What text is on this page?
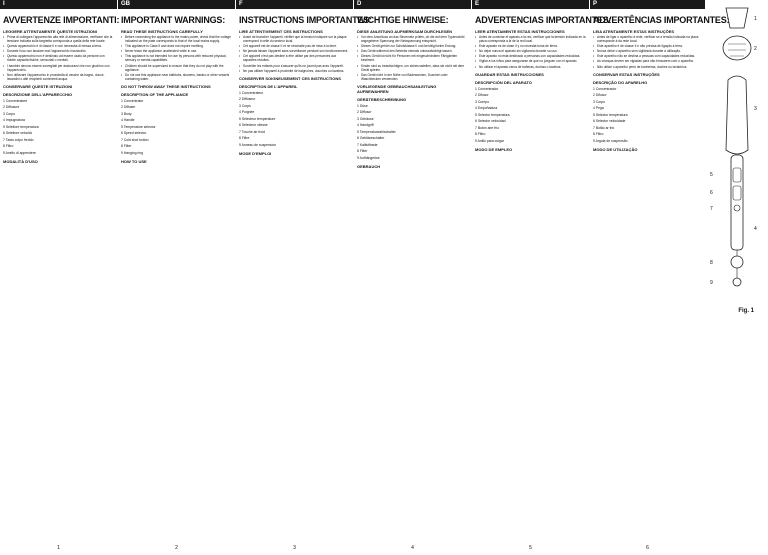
I
AVVERTENZE IMPORTANTI:
LEGGERE ATTENTAMENTE QUESTE ISTRUZIONI
• Prima di collegare l'apparecchio alla rete di alimentazione, verificare che la tensione indicata sulla targhetta corrisponda a quella della rete locale.
• Questo apparecchio è di classe II e non necessita di messa a terra.
• Durante l'uso non lasciare mai l'apparecchio incustodito.
• Questo apparecchio non è destinato ad essere usato da persone con ridotte capacità fisiche, sensoriali o mentali.
• I bambini devono essere sorvegliati per assicurarsi che non giochino con l'apparecchio.
• Non utilizzare l'apparecchio in prossimità di vasche da bagno, docce, lavandini o altri recipienti contenenti acqua.
CONSERVARE QUESTE ISTRUZIONI
DESCRIZIONE DELL'APPARECCHIO
1 Concentratore
2 Diffusore
3 Corpo
4 Impugnatura
5 Selettore temperatura
6 Selettore velocità
7 Tasto colpo freddo
8 Filtro
9 Anello di appendere
MODALITÀ D'USO
1
GB
IMPORTANT WARNINGS:
READ THESE INSTRUCTIONS CAREFULLY
• Before connecting the appliance to the mains power, check that the voltage indicated on the plate corresponds to that of the local mains supply.
• This appliance is Class II and does not require earthing.
• Never leave the appliance unattended while in use.
• This appliance is not intended for use by persons with reduced physical, sensory or mental capabilities.
• Children should be supervised to ensure that they do not play with the appliance.
• Do not use this appliance near bathtubs, showers, basins or other vessels containing water.
DO NOT THROW AWAY THESE INSTRUCTIONS
DESCRIPTION OF THE APPLIANCE
1 Concentrator
2 Diffuser
3 Body
4 Handle
5 Temperature selector
6 Speed selector
7 Cold shot button
8 Filter
9 Hanging ring
HOW TO USE
2
F
INSTRUCTIONS IMPORTANTES:
LIRE ATTENTIVEMENT CES INSTRUCTIONS
• Avant de brancher l'appareil, vérifier que la tension indiquée sur la plaque correspond à celle du secteur local.
• Cet appareil est de classe II et ne nécessite pas de mise à la terre.
• Ne jamais laisser l'appareil sans surveillance pendant son fonctionnement.
• Cet appareil n'est pas destiné à être utilisé par des personnes aux capacités réduites.
• Surveiller les enfants pour s'assurer qu'ils ne jouent pas avec l'appareil.
• Ne pas utiliser l'appareil à proximité de baignoires, douches ou lavabos.
CONSERVER SOIGNEUSEMENT CES INSTRUCTIONS
DESCRIPTION DE L'APPAREIL
1 Concentrateur
2 Diffuseur
3 Corps
4 Poignée
5 Sélecteur température
6 Sélecteur vitesse
7 Touche air froid
8 Filtre
9 Anneau de suspension
MODE D'EMPLOI
3
D
WICHTIGE HINWEISE:
DIESE ANLEITUNG AUFMERKSAM DURCHLESEN
• Vor dem Anschluss an das Stromnetz prüfen, ob die auf dem Typenschild angegebene Spannung der Netzspannung entspricht.
• Dieses Gerät gehört zur Schutzklasse II und benötigt keine Erdung.
• Das Gerät während des Betriebs niemals unbeaufsichtigt lassen.
• Dieses Gerät ist nicht für Personen mit eingeschränkten Fähigkeiten bestimmt.
• Kinder sind zu beaufsichtigen, um sicherzustellen, dass sie nicht mit dem Gerät spielen.
• Das Gerät nicht in der Nähe von Badewannen, Duschen oder Waschbecken verwenden.
VORLIEGENDE GEBRAUCHSANLEITUNG AUFBEWAHREN
GERÄTEBESCHREIBUNG
1 Düse
2 Diffusor
3 Gehäuse
4 Handgriff
5 Temperaturwahlschalter
6 Gebläseschalter
7 Kaltlufttaste
8 Filter
9 Aufhängeöse
GEBRAUCH
4
E
ADVERTENCIAS IMPORTANTES:
LEER ATENTAMENTE ESTAS INSTRUCCIONES
• Antes de conectar el aparato a la red, verificar que la tensión indicada en la placa corresponda a la de la red local.
• Este aparato es de clase II y no necesita toma de tierra.
• No dejar nunca el aparato sin vigilancia durante su uso.
• Este aparato no está destinado a personas con capacidades reducidas.
• Vigilar a los niños para asegurarse de que no jueguen con el aparato.
• No utilizar el aparato cerca de bañeras, duchas o lavabos.
GUARDAR ESTAS INSTRUCCIONES
DESCRIPCIÓN DEL APARATO
1 Concentrador
2 Difusor
3 Cuerpo
4 Empuñadura
5 Selector temperatura
6 Selector velocidad
7 Botón aire frío
8 Filtro
9 Anillo para colgar
MODO DE EMPLEO
5
P
ADVERTÊNCIAS IMPORTANTES:
LEIA ATENTAMENTE ESTAS INSTRUÇÕES
• Antes de ligar o aparelho à rede, verificar se a tensão indicada na placa corresponde à da rede local.
• Este aparelho é de classe II e não precisa de ligação à terra.
• Nunca deixe o aparelho sem vigilância durante a utilização.
• Este aparelho não se destina a pessoas com capacidades reduzidas.
• As crianças devem ser vigiadas para não brincarem com o aparelho.
• Não utilize o aparelho perto de banheiras, duches ou lavatórios.
CONSERVAR ESTAS INSTRUÇÕES
DESCRIÇÃO DO APARELHO
1 Concentrador
2 Difusor
3 Corpo
4 Pega
5 Selector temperatura
6 Selector velocidade
7 Botão ar frio
8 Filtro
9 Argola de suspensão
MODO DE UTILIZAÇÃO
6
1
2
3
4
5
6
7
8
9
Fig. 1
